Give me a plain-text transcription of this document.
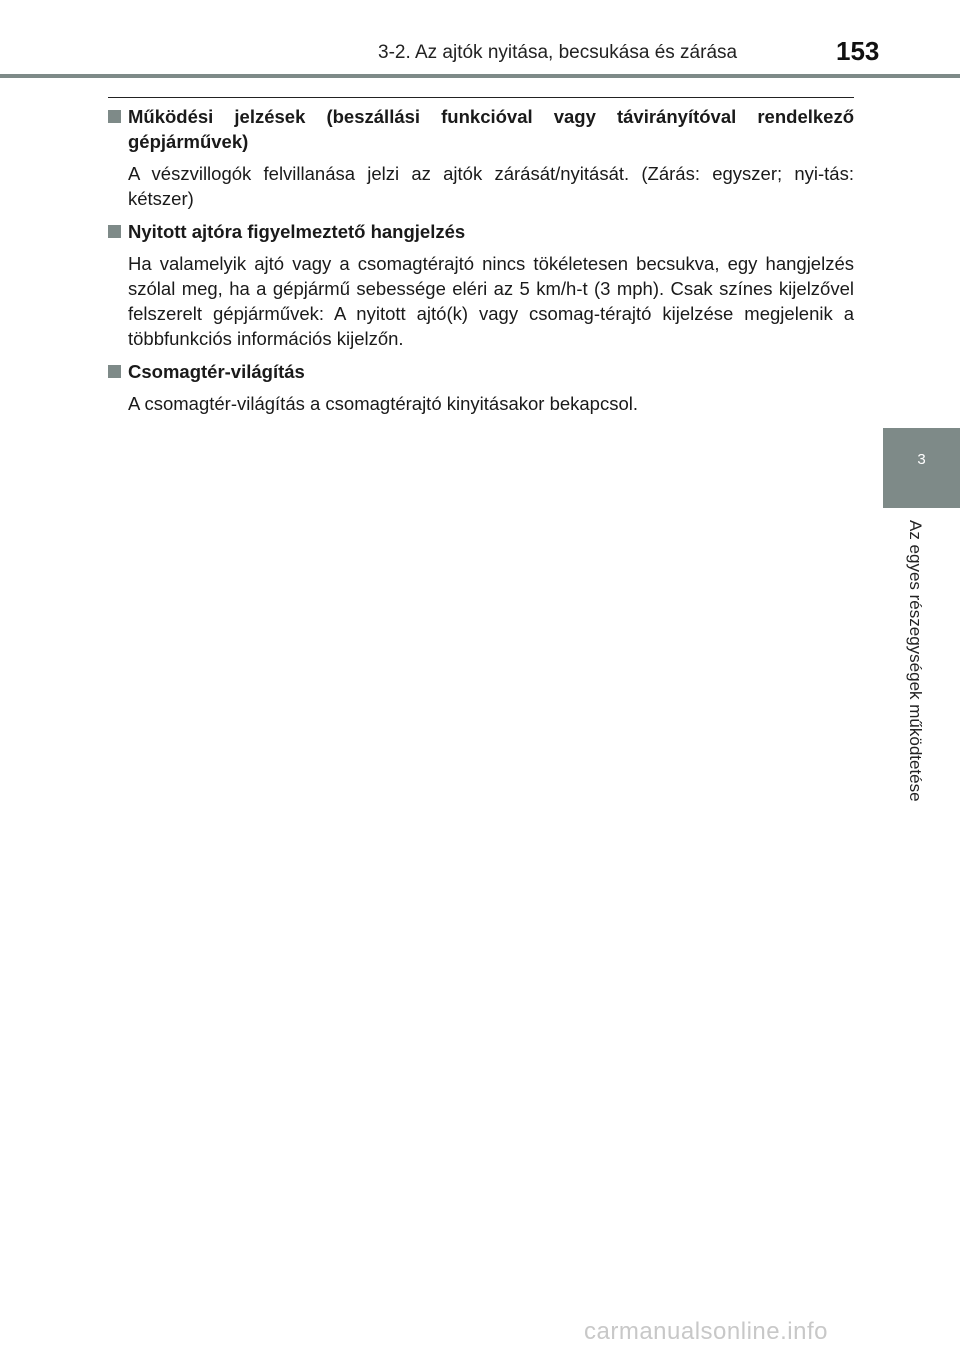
3-2. Az ajtók nyitása, becsukása és zárása	153
Működési jelzések (beszállási funkcióval vagy távirányítóval rendelkező gépjárművek)
A vészvillogók felvillanása jelzi az ajtók zárását/nyitását. (Zárás: egyszer; nyi-tás: kétszer)
Nyitott ajtóra figyelmeztető hangjelzés
Ha valamelyik ajtó vagy a csomagtérajtó nincs tökéletesen becsukva, egy hangjelzés szólal meg, ha a gépjármű sebessége eléri az 5 km/h-t (3 mph). Csak színes kijelzővel felszerelt gépjárművek: A nyitott ajtó(k) vagy csomag-térajtó kijelzése megjelenik a többfunkciós információs kijelzőn.
Csomagtér-világítás
A csomagtér-világítás a csomagtérajtó kinyitásakor bekapcsol.
3
Az egyes részegységek működtetése
carmanualsonline.info
